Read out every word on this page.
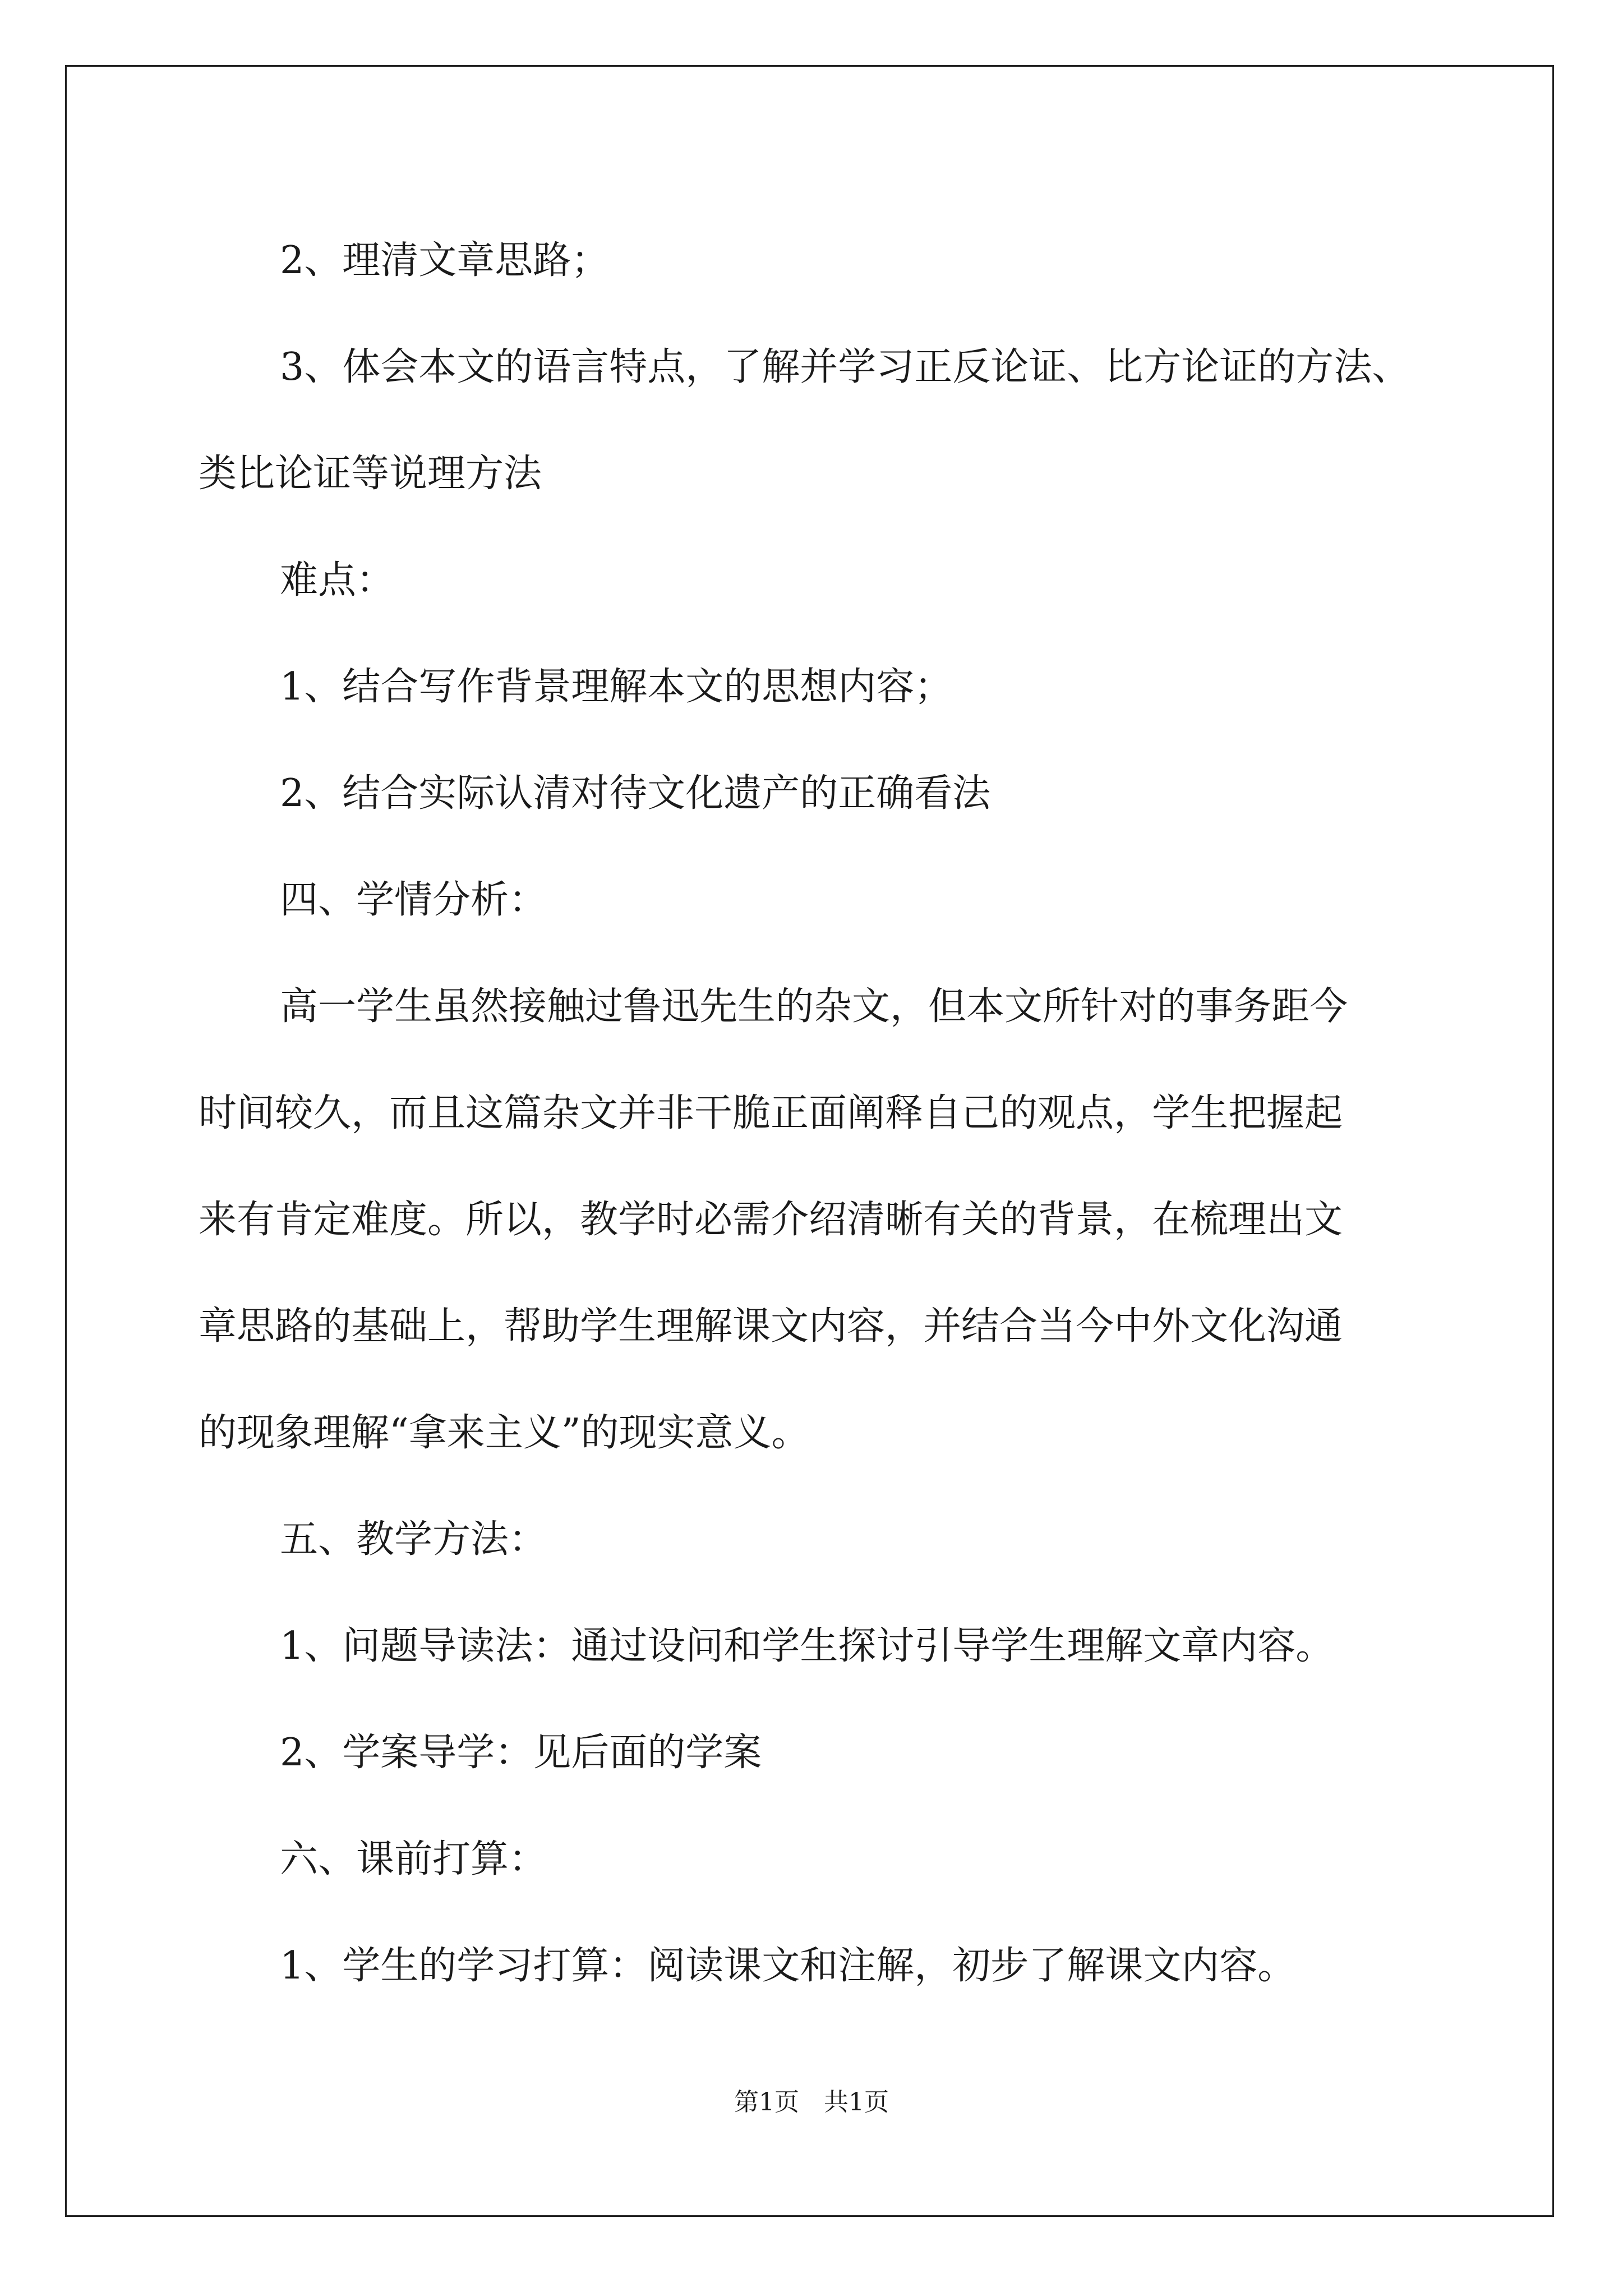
2、理清文章思路；

3、体会本文的语言特点，了解并学习正反论证、比方论证的方法、

类比论证等说理方法

难点：

1、结合写作背景理解本文的思想内容；

2、结合实际认清对待文化遗产的正确看法

四、学情分析：

高一学生虽然接触过鲁迅先生的杂文，但本文所针对的事务距今

时间较久，而且这篇杂文并非干脆正面阐释自己的观点，学生把握起

来有肯定难度。所以，教学时必需介绍清晰有关的背景，在梳理出文

章思路的基础上，帮助学生理解课文内容，并结合当今中外文化沟通

的现象理解“拿来主义”的现实意义。

五、教学方法：

1、问题导读法：通过设问和学生探讨引导学生理解文章内容。

2、学案导学：见后面的学案

六、课前打算：

1、学生的学习打算：阅读课文和注解，初步了解课文内容。

第1页　共1页
